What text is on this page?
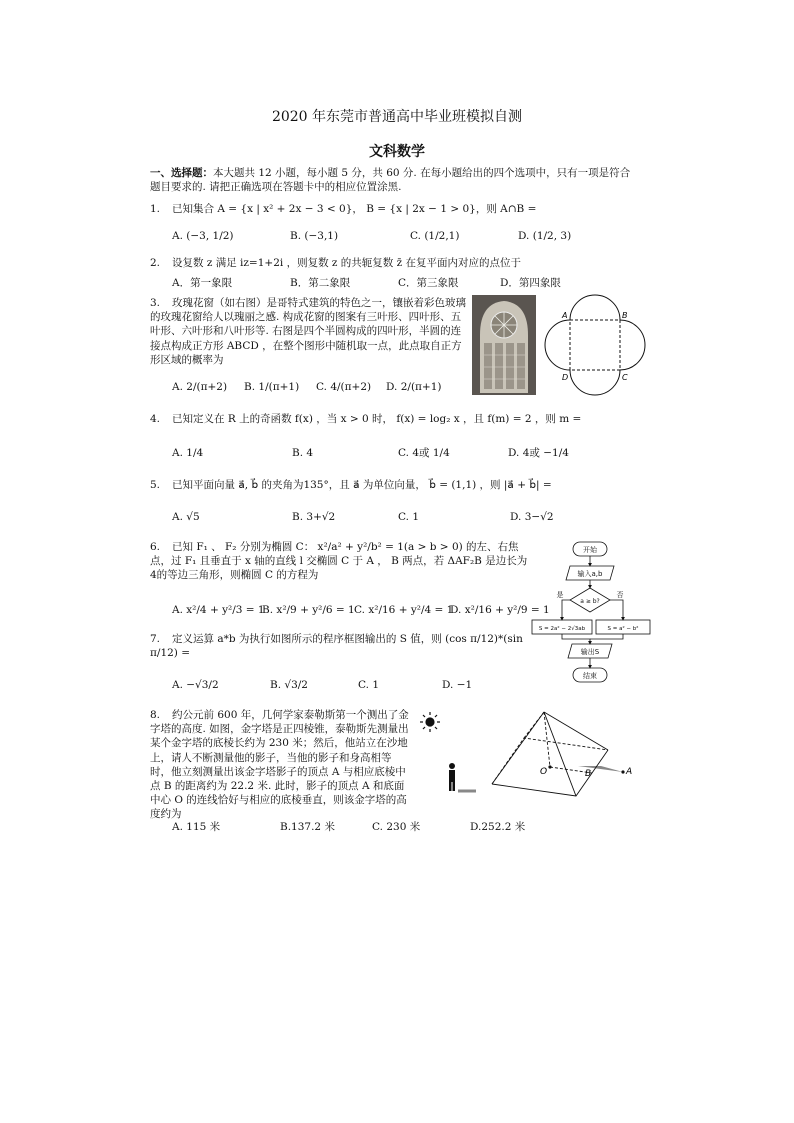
2020 年东莞市普通高中毕业班模拟自测
文科数学
一、选择题：本大题共 12 小题，每小题 5 分，共 60 分. 在每小题给出的四个选项中，只有一项是符合题目要求的. 请把正确选项在答题卡中的相应位置涂黑.
1. 已知集合 A = {x | x² + 2x − 3 < 0}， B = {x | 2x − 1 > 0}，则 A∩B =
A. (−3, 1/2)	B. (−3,1)	C. (1/2,1)	D. (1/2, 3)
2. 设复数 z 满足 iz=1+2i ，则复数 z 的共轭复数 z̄ 在复平面内对应的点位于
A．第一象限	B．第二象限	C．第三象限	D．第四象限
3. 玫瑰花窗（如右图）是哥特式建筑的特色之一，镶嵌着彩色玻璃的玫瑰花窗给人以瑰丽之感. 构成花窗的图案有三叶形、四叶形、五叶形、六叶形和八叶形等. 右图是四个半圆构成的四叶形，半圆的连接点构成正方形 ABCD ，在整个图形中随机取一点，此点取自正方形区域的概率为
A. 2/(π+2)	B. 1/(π+1)	C. 4/(π+2)	D. 2/(π+1)
A	B
C
D
4. 已知定义在 R 上的奇函数 f(x) ，当 x > 0 时， f(x) = log₂ x ，且 f(m) = 2 ，则 m =
A. 1/4	B. 4	C. 4或 1/4	D. 4或 −1/4
5. 已知平面向量 a⃗, b⃗ 的夹角为135°，且 a⃗ 为单位向量， b⃗ = (1,1) ，则 |a⃗ + b⃗| =
A. √5	B. 3+√2	C. 1	D. 3−√2
6. 已知 F₁ 、 F₂ 分别为椭圆 C： x²/a² + y²/b² = 1(a > b > 0) 的左、右焦点，过 F₁ 且垂直于 x 轴的直线 l 交椭圆 C 于 A ， B 两点，若 ΔAF₂B 是边长为4的等边三角形，则椭圆 C 的方程为
A. x²/4 + y²/3 = 1
B. x²/9 + y²/6 = 1 C. x²/16 + y²/4 = 1
D. x²/16 + y²/9 = 1
7. 定义运算 a*b 为执行如图所示的程序框图输出的 S 值，则 (cos π/12)*(sin π/12) =
A. −√3/2	B. √3/2	C. 1	D. −1
开始
输入a,b
a ≥ b?
是	否
S = 2a² − 2√3ab	S = a² − b²
输出S
结束
8. 约公元前 600 年，几何学家泰勒斯第一个测出了金字塔的高度. 如图，金字塔是正四棱锥，泰勒斯先测量出某个金字塔的底棱长约为 230 米；然后，他站立在沙地上，请人不断测量他的影子，当他的影子和身高相等时，他立刻测量出该金字塔影子的顶点 A 与相应底棱中点 B 的距离约为 22.2 米. 此时，影子的顶点 A 和底面中心 O 的连线恰好与相应的底棱垂直，则该金字塔的高度约为
A. 115 米	B.137.2 米	C. 230 米	D.252.2 米
O	B	A
